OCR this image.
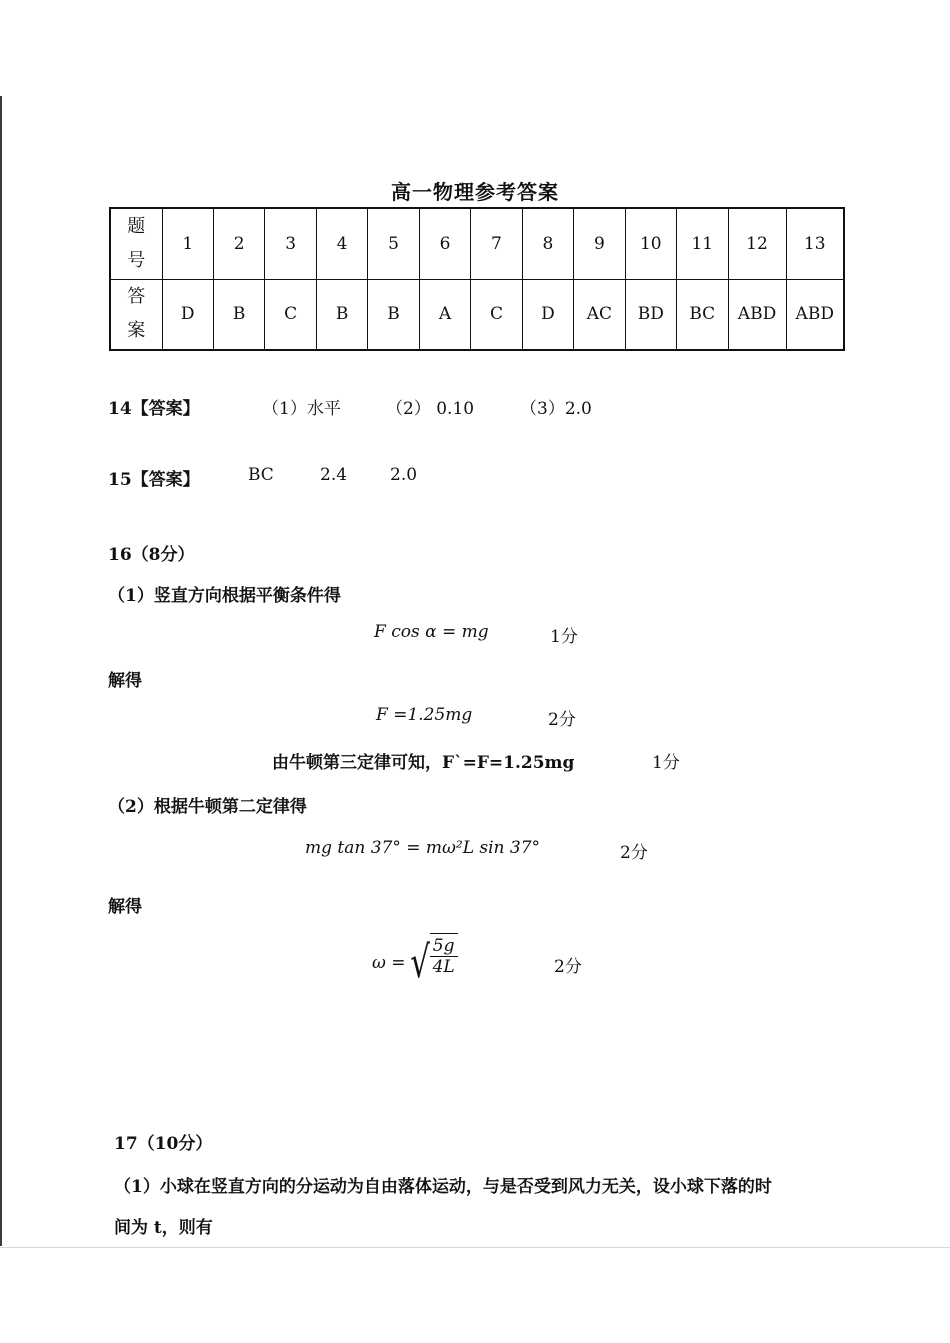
高一物理参考答案
题
号	1	2	3	4	5	6	7	8	9	10	11	12	13
答
案	D	B	C	B	B	A	C	D	AC	BD	BC	ABD	ABD
14【答案】	（1）水平	（2） 0.10	（3）2.0
15【答案】	BC	2.4	2.0
16（8分）
（1）竖直方向根据平衡条件得
F cos α = mg	1分
解得
F =1.25mg	2分
由牛顿第三定律可知，F`=F=1.25mg	1分
（2）根据牛顿第二定律得
mg tan 37° = mω²L sin 37°	2分
解得
ω = √ $\frac{5g}{4L}$	2分
17（10分）
（1）小球在竖直方向的分运动为自由落体运动，与是否受到风力无关，设小球下落的时
间为 t，则有
